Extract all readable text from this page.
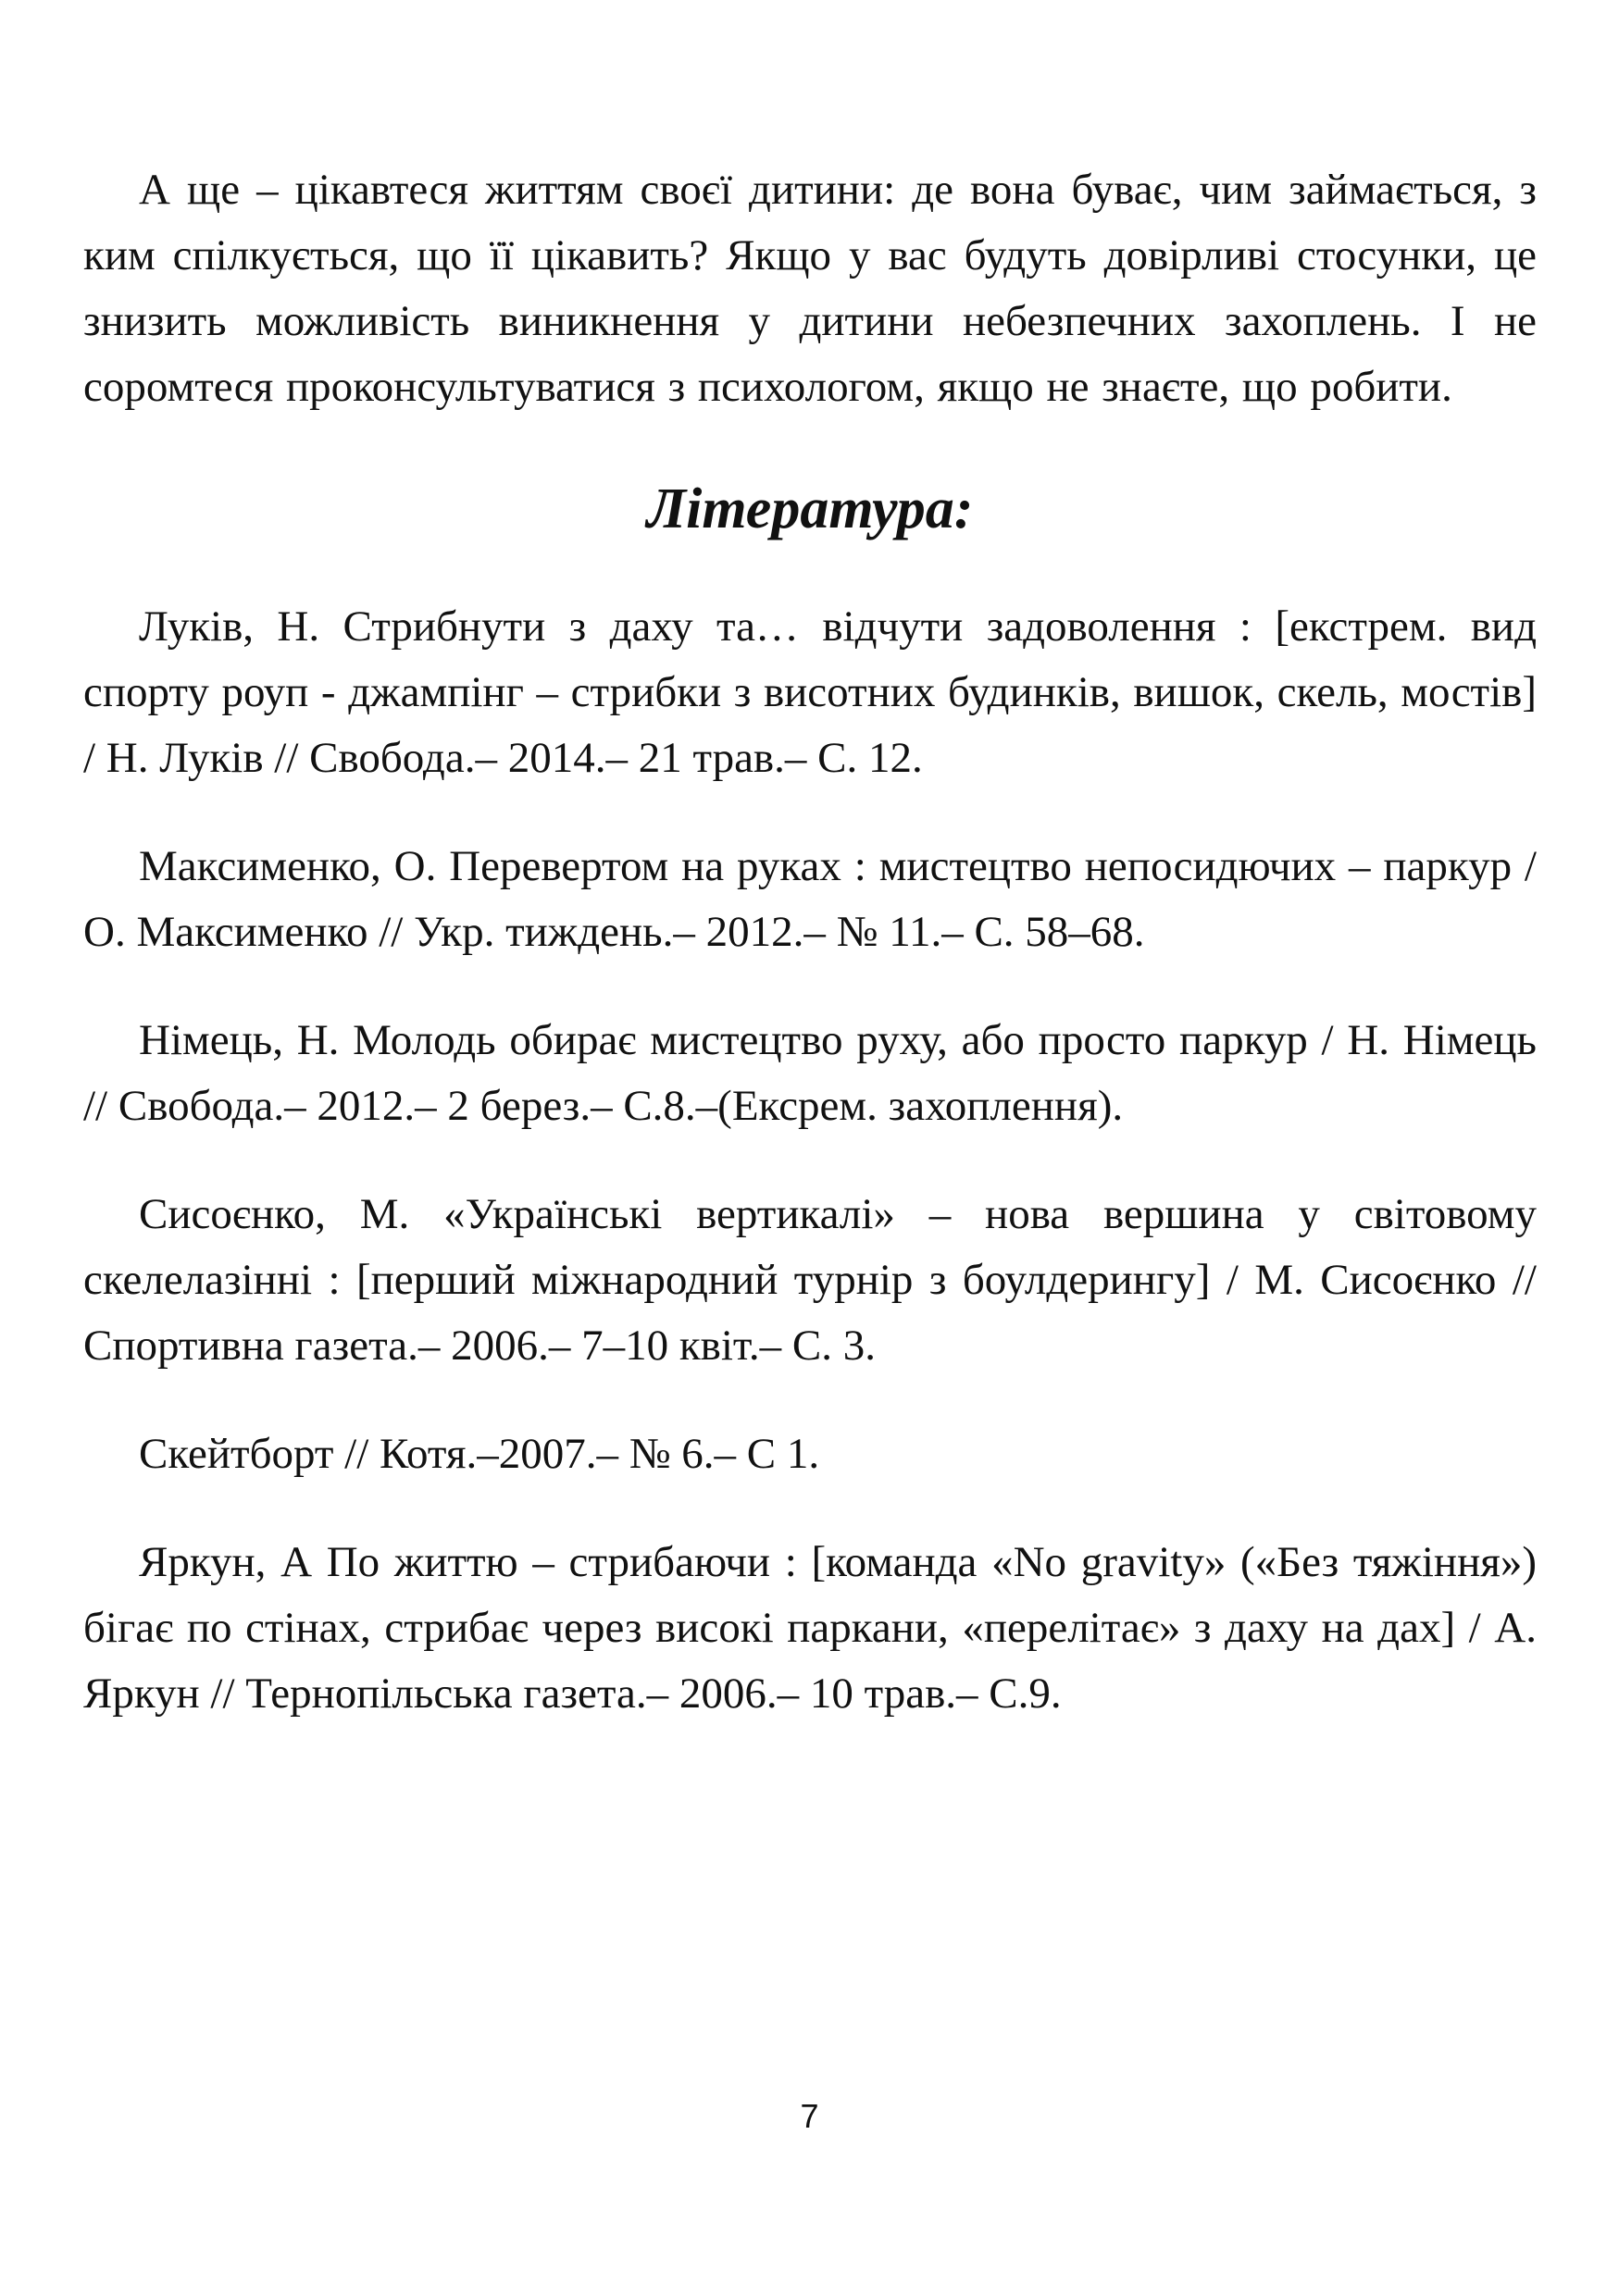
А ще – цікавтеся життям своєї дитини: де вона буває, чим займається, з ким спілкується, що її цікавить? Якщо у вас будуть довірливі стосунки, це знизить можливість виникнення у дитини небезпечних захоплень. І не соромтеся проконсультуватися з психологом, якщо не знаєте, що робити.

Література:

Луків, Н. Стрибнути з даху та… відчути задоволення : [екстрем. вид спорту роуп - джампінг – стрибки з висотних будинків, вишок, скель, мостів] / Н. Луків // Свобода.– 2014.– 21 трав.– С. 12.

Максименко, О. Перевертом на руках : мистецтво непосидючих – паркур / О. Максименко // Укр. тиждень.– 2012.– № 11.– С. 58–68.

Німець, Н. Молодь обирає мистецтво руху, або просто паркур / Н. Німець // Свобода.– 2012.– 2 берез.– С.8.–(Ексрем. захоплення).

Сисоєнко, М. «Українські вертикалі» – нова вершина у світовому скелелазінні : [перший міжнародний турнір з боулдерингу] / М. Сисоєнко // Спортивна газета.– 2006.– 7–10 квіт.– С. 3.

Скейтборт // Котя.–2007.– № 6.– С 1.

Яркун, А По життю – стрибаючи : [команда «No gravity» («Без тяжіння») бігає по стінах, стрибає через високі паркани, «перелітає» з даху на дах] / А. Яркун // Тернопільська газета.– 2006.– 10 трав.– С.9.

7
